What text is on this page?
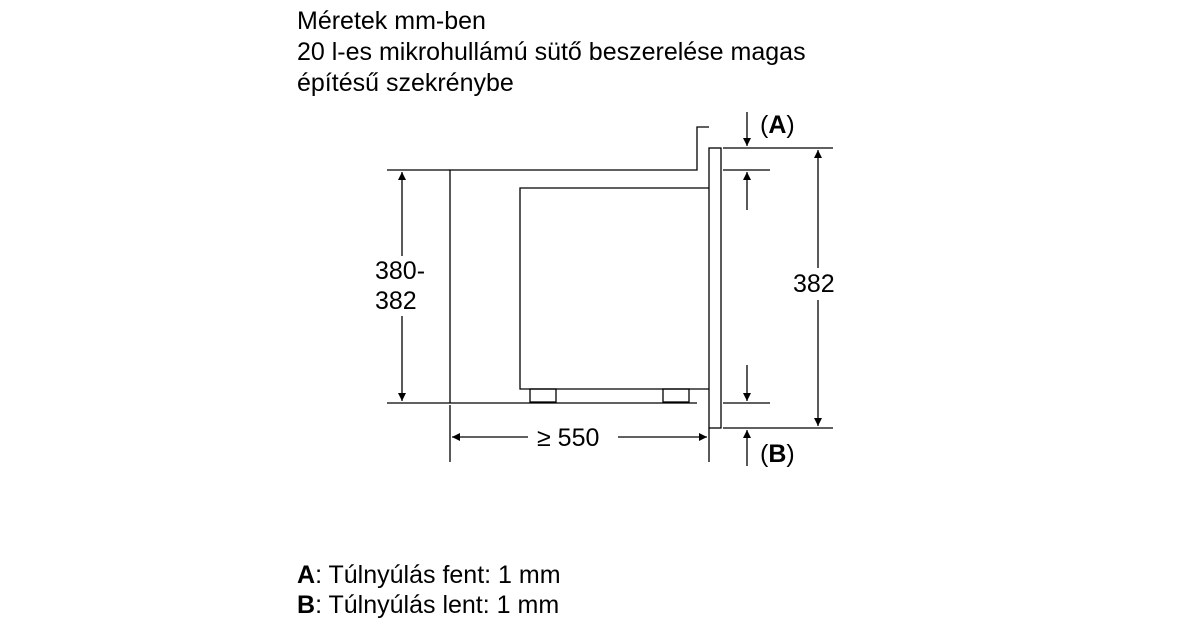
Méretek mm-ben
20 l-es mikrohullámú sütő beszerelése magas
építésű szekrénybe
380-
382
≥ 550
382
(A)
(B)
A: Túlnyúlás fent: 1 mm
B: Túlnyúlás lent: 1 mm
